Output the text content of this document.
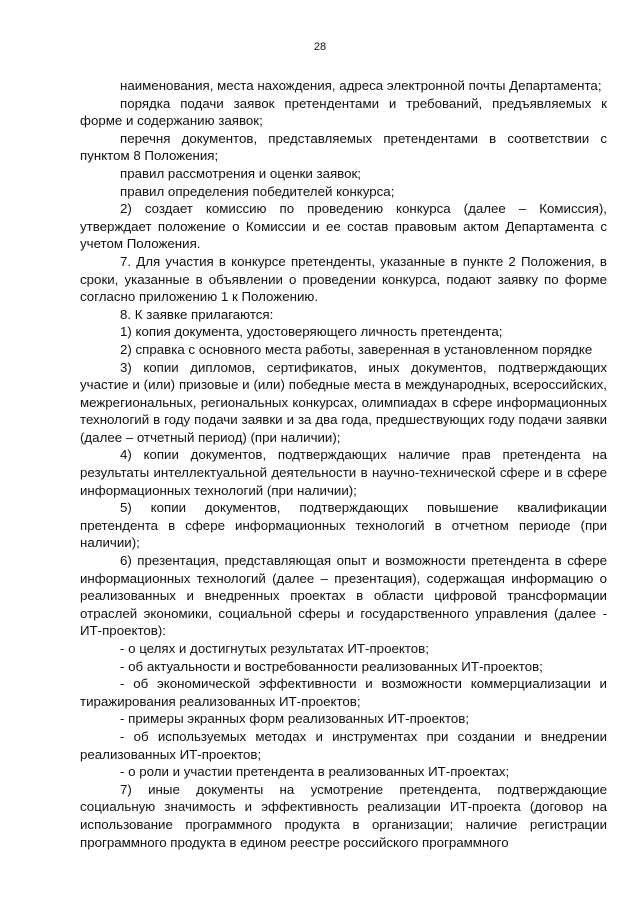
28

наименования, места нахождения, адреса электронной почты Департамента;

порядка подачи заявок претендентами и требований, предъявляемых к форме и содержанию заявок;

перечня документов, представляемых претендентами в соответствии с пунктом 8 Положения;

правил рассмотрения и оценки заявок;

правил определения победителей конкурса;

2) создает комиссию по проведению конкурса (далее – Комиссия), утверждает положение о Комиссии и ее состав правовым актом Департамента с учетом Положения.

7. Для участия в конкурсе претенденты, указанные в пункте 2 Положения, в сроки, указанные в объявлении о проведении конкурса, подают заявку по форме согласно приложению 1 к Положению.

8. К заявке прилагаются:

1) копия документа, удостоверяющего личность претендента;

2) справка с основного места работы, заверенная в установленном порядке

3) копии дипломов, сертификатов, иных документов, подтверждающих участие и (или) призовые и (или) победные места в международных, всероссийских, межрегиональных, региональных конкурсах, олимпиадах в сфере информационных технологий в году подачи заявки и за два года, предшествующих году подачи заявки (далее – отчетный период) (при наличии);

4) копии документов, подтверждающих наличие прав претендента на результаты интеллектуальной деятельности в научно-технической сфере и в сфере информационных технологий (при наличии);

5) копии документов, подтверждающих повышение квалификации претендента в сфере информационных технологий в отчетном периоде (при наличии);

6) презентация, представляющая опыт и возможности претендента в сфере информационных технологий (далее – презентация), содержащая информацию о реализованных и внедренных проектах в области цифровой трансформации отраслей экономики, социальной сферы и государственного управления (далее - ИТ-проектов):

- о целях и достигнутых результатах ИТ-проектов;

- об актуальности и востребованности реализованных ИТ-проектов;

- об экономической эффективности и возможности коммерциализации и тиражирования реализованных ИТ-проектов;

- примеры экранных форм реализованных ИТ-проектов;

- об используемых методах и инструментах при создании и внедрении реализованных ИТ-проектов;

- о роли и участии претендента в реализованных ИТ-проектах;

7) иные документы на усмотрение претендента, подтверждающие социальную значимость и эффективность реализации ИТ-проекта (договор на использование программного продукта в организации; наличие регистрации программного продукта в едином реестре российского программного
